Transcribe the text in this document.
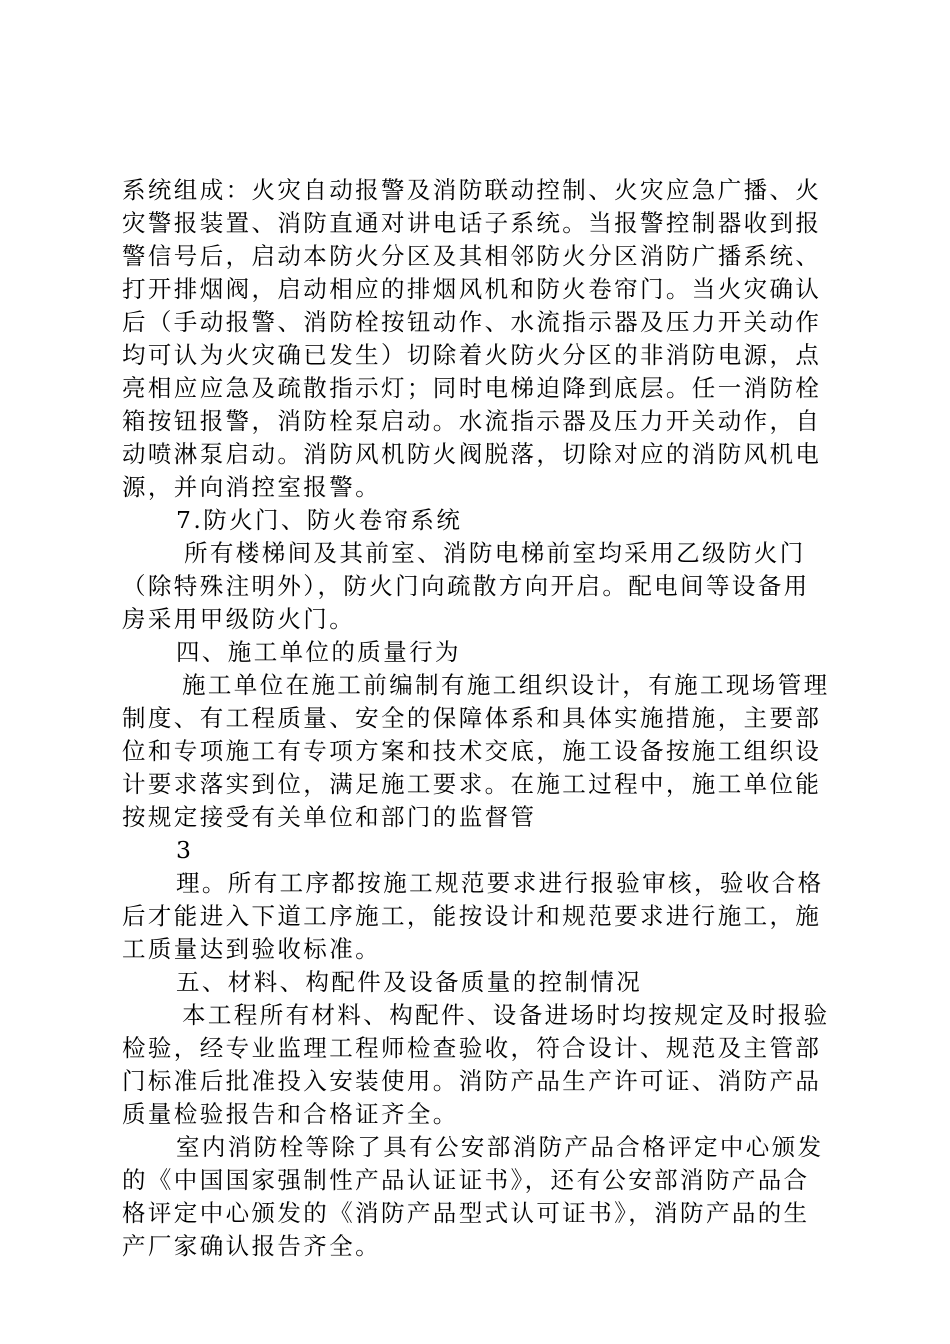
系统组成：火灾自动报警及消防联动控制、火灾应急广播、火
灾警报装置、消防直通对讲电话子系统。当报警控制器收到报
警信号后，启动本防火分区及其相邻防火分区消防广播系统、
打开排烟阀，启动相应的排烟风机和防火卷帘门。当火灾确认
后（手动报警、消防栓按钮动作、水流指示器及压力开关动作
均可认为火灾确已发生）切除着火防火分区的非消防电源，点
亮相应应急及疏散指示灯；同时电梯迫降到底层。任一消防栓
箱按钮报警，消防栓泵启动。水流指示器及压力开关动作，自
动喷淋泵启动。消防风机防火阀脱落，切除对应的消防风机电
源，并向消控室报警。
7.防火门、防火卷帘系统
所有楼梯间及其前室、消防电梯前室均采用乙级防火门
（除特殊注明外），防火门向疏散方向开启。配电间等设备用
房采用甲级防火门。
四、施工单位的质量行为
施工单位在施工前编制有施工组织设计，有施工现场管理
制度、有工程质量、安全的保障体系和具体实施措施，主要部
位和专项施工有专项方案和技术交底，施工设备按施工组织设
计要求落实到位，满足施工要求。在施工过程中，施工单位能
按规定接受有关单位和部门的监督管
3
理。所有工序都按施工规范要求进行报验审核，验收合格
后才能进入下道工序施工，能按设计和规范要求进行施工，施
工质量达到验收标准。
五、材料、构配件及设备质量的控制情况
本工程所有材料、构配件、设备进场时均按规定及时报验
检验，经专业监理工程师检查验收，符合设计、规范及主管部
门标准后批准投入安装使用。消防产品生产许可证、消防产品
质量检验报告和合格证齐全。
室内消防栓等除了具有公安部消防产品合格评定中心颁发
的《中国国家强制性产品认证证书》，还有公安部消防产品合
格评定中心颁发的《消防产品型式认可证书》，消防产品的生
产厂家确认报告齐全。
